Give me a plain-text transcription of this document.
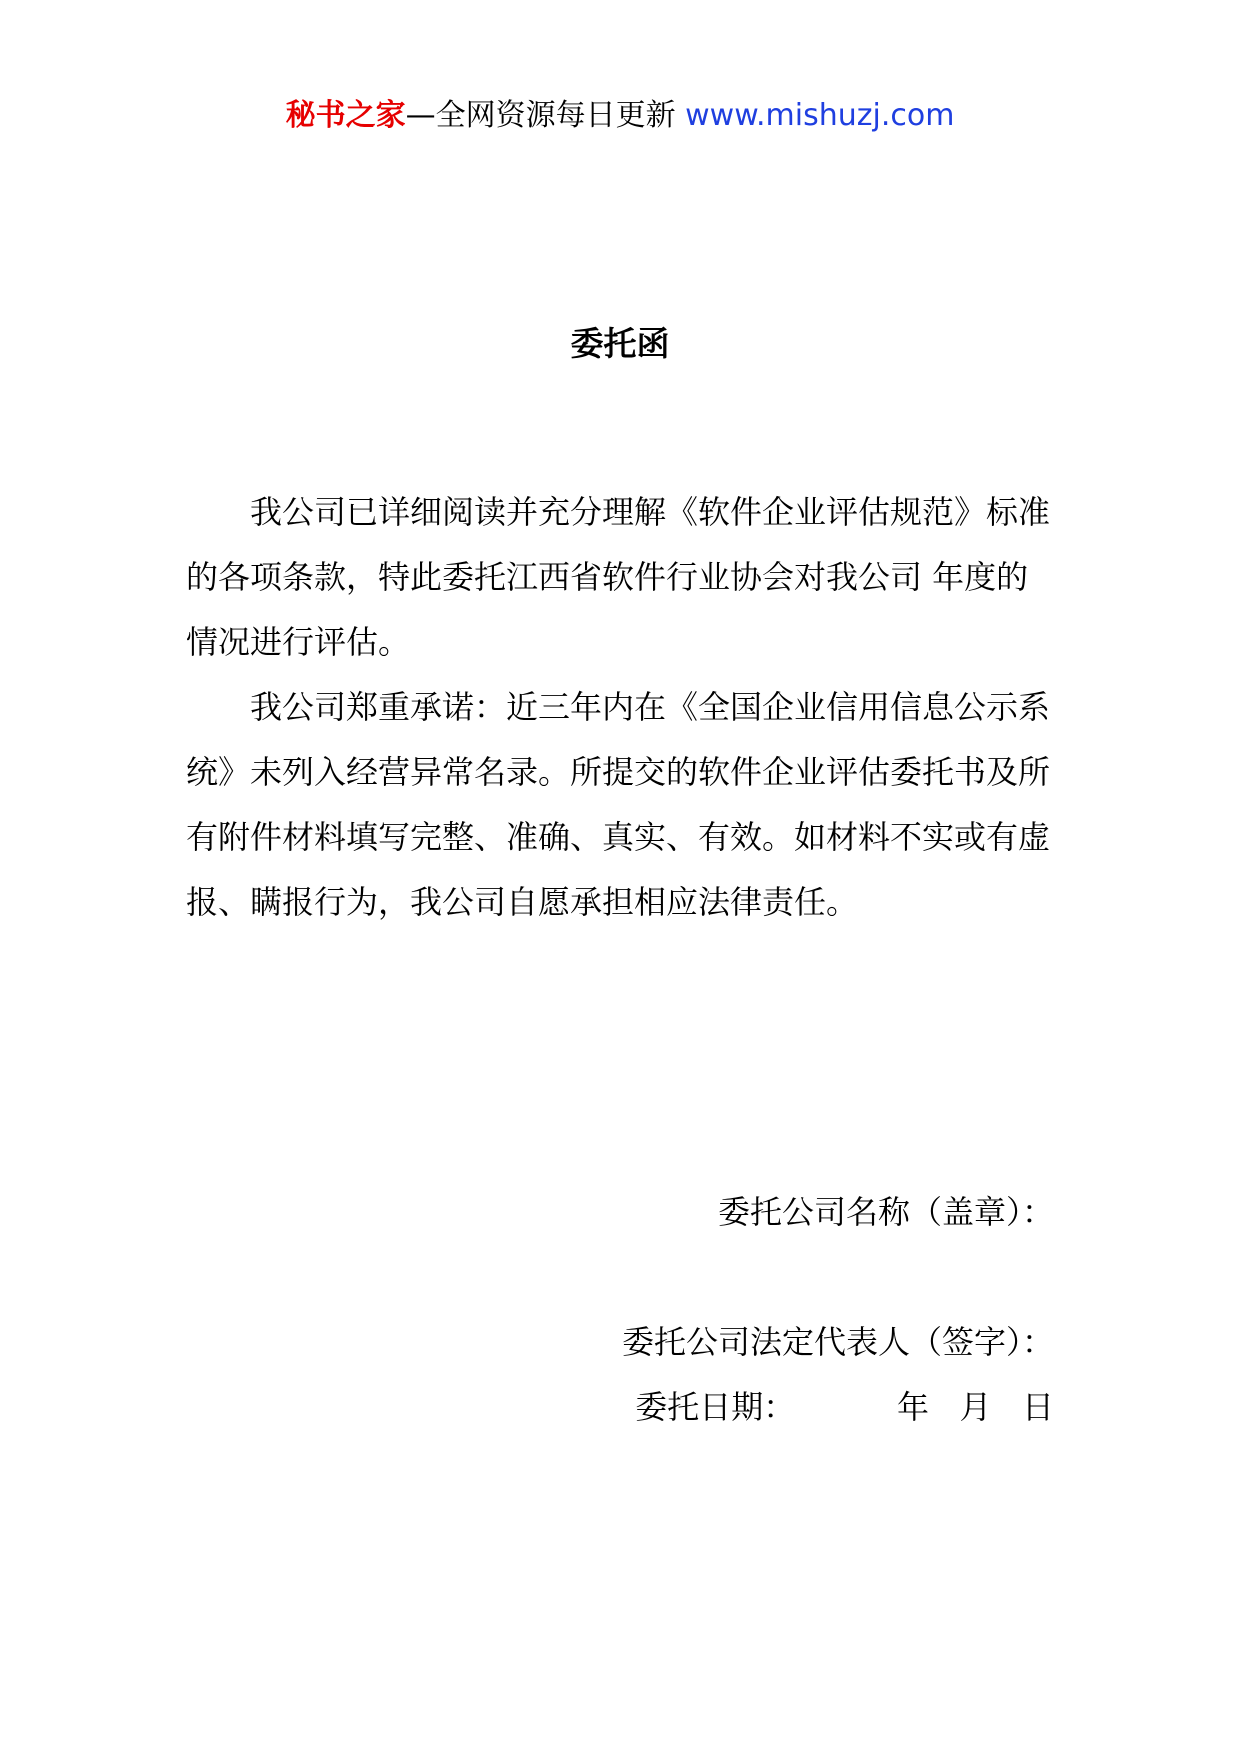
秘书之家—全网资源每日更新 www.mishuzj.com
委托函

我公司已详细阅读并充分理解《软件企业评估规范》标准的各项条款，特此委托江西省软件行业协会对我公司 年度的情况进行评估。

我公司郑重承诺：近三年内在《全国企业信用信息公示系统》未列入经营异常名录。所提交的软件企业评估委托书及所有附件材料填写完整、准确、真实、有效。如材料不实或有虚报、瞒报行为，我公司自愿承担相应法律责任。

委托公司名称（盖章）：
委托公司法定代表人（签字）：
委托日期：          年   月   日
